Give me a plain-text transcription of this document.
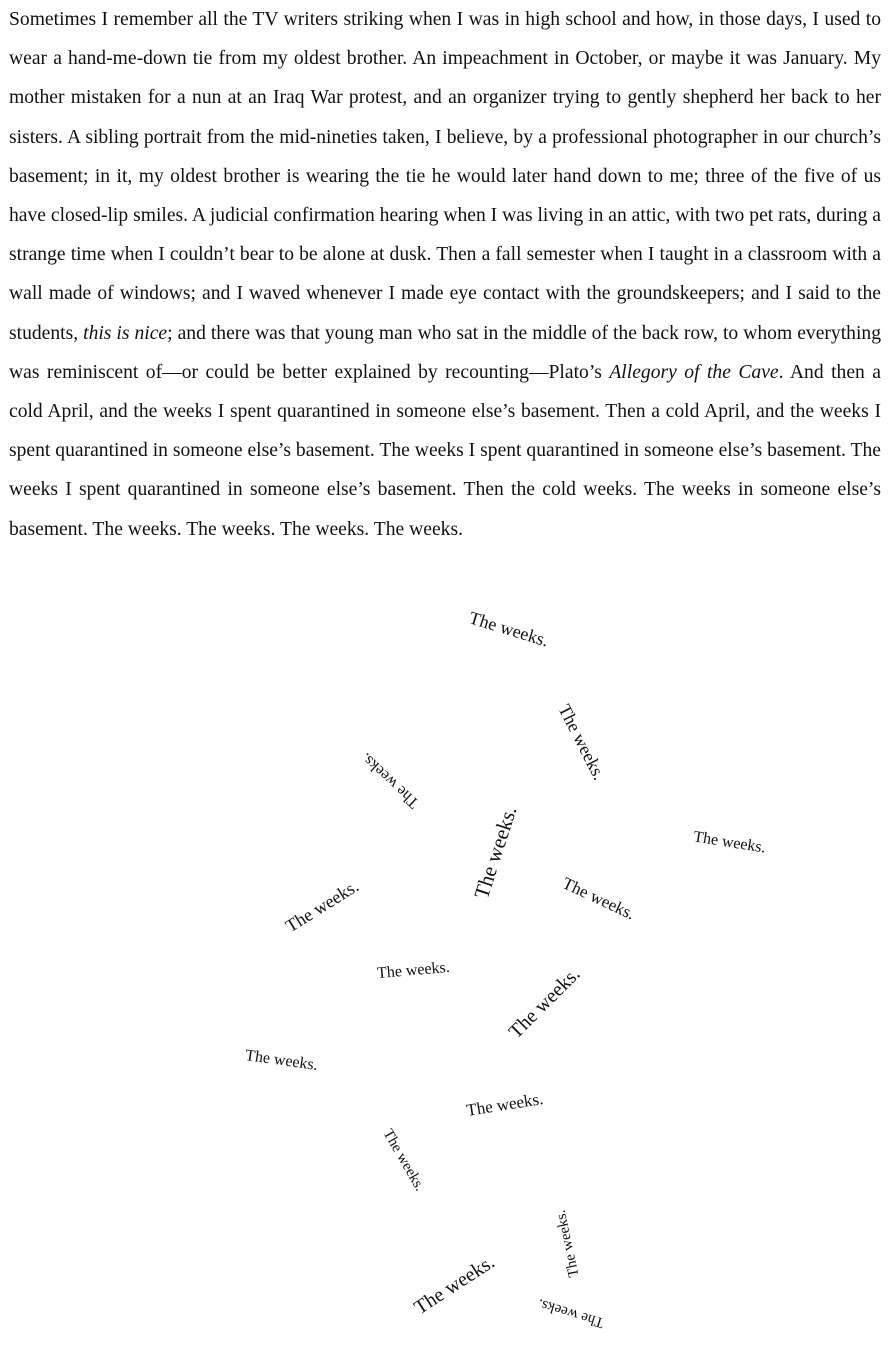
Sometimes I remember all the TV writers striking when I was in high school and how, in those days, I used to wear a hand-me-down tie from my oldest brother. An impeachment in October, or maybe it was January. My mother mistaken for a nun at an Iraq War protest, and an organizer trying to gently shepherd her back to her sisters. A sibling portrait from the mid-nineties taken, I believe, by a professional photographer in our church’s basement; in it, my oldest brother is wearing the tie he would later hand down to me; three of the five of us have closed-lip smiles. A judicial confirmation hearing when I was living in an attic, with two pet rats, during a strange time when I couldn’t bear to be alone at dusk. Then a fall semester when I taught in a classroom with a wall made of windows; and I waved whenever I made eye contact with the groundskeepers; and I said to the students, this is nice; and there was that young man who sat in the middle of the back row, to whom everything was reminiscent of—or could be better explained by recounting—Plato’s Allegory of the Cave. And then a cold April, and the weeks I spent quarantined in someone else’s basement. Then a cold April, and the weeks I spent quarantined in someone else’s basement. The weeks I spent quarantined in someone else’s basement. The weeks I spent quarantined in someone else’s basement. Then the cold weeks. The weeks in someone else’s basement. The weeks. The weeks. The weeks. The weeks.

The weeks.
The weeks.
The weeks.
The weeks.	The weeks.
The weeks.
The weeks.
The weeks.	The weeks.
The weeks.
The weeks.
The weeks.
The weeks.
The weeks. The weeks.
